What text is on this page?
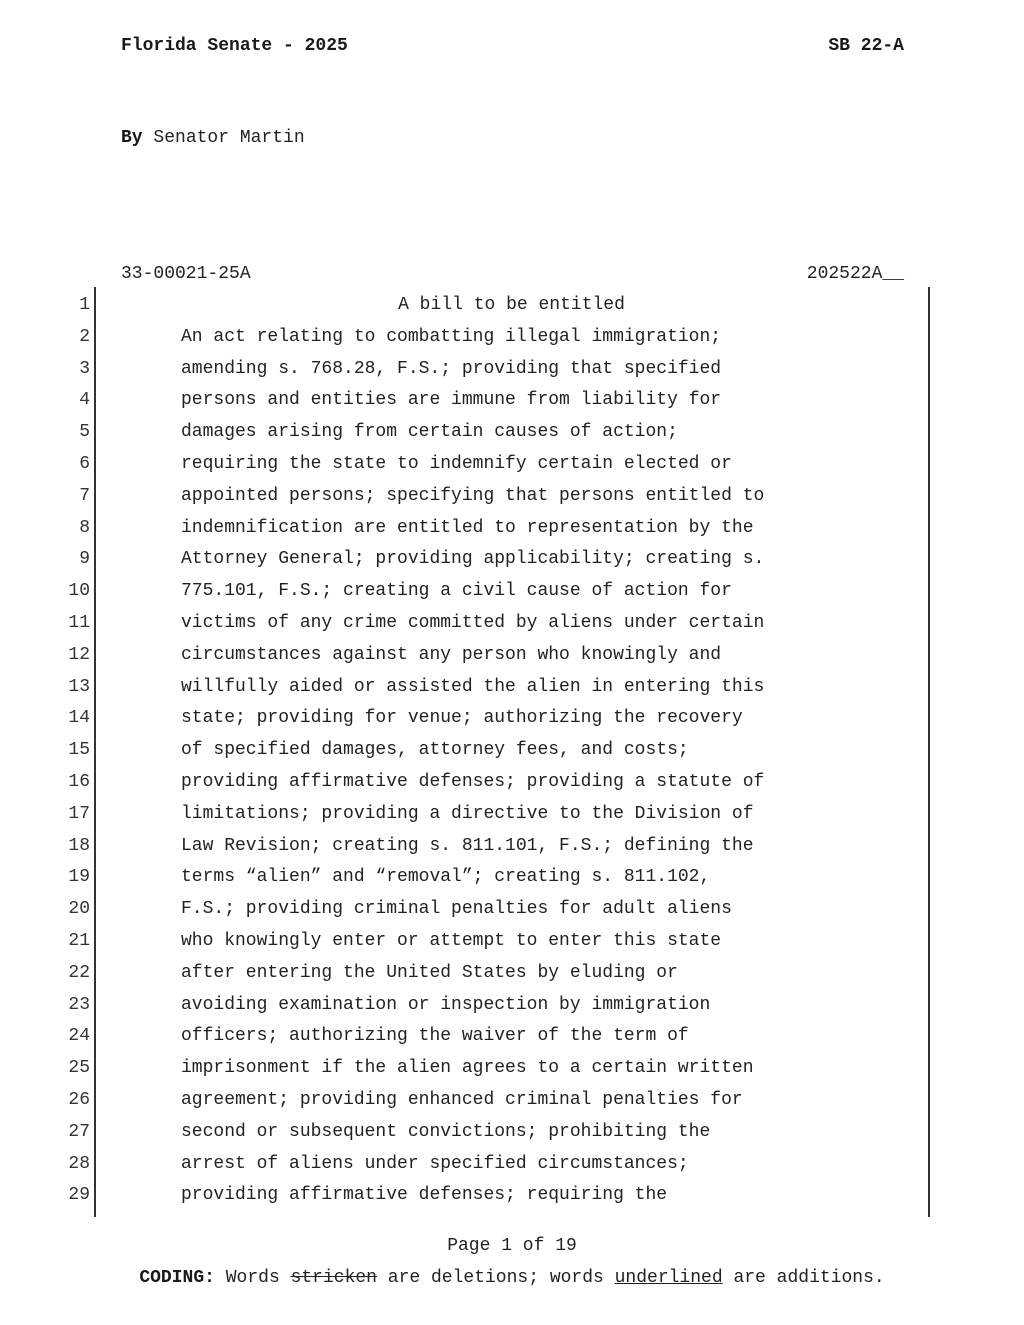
Florida Senate - 2025	SB 22-A
By Senator Martin
33-00021-25A	202522A__
1	A bill to be entitled
2	An act relating to combatting illegal immigration;
3	amending s. 768.28, F.S.; providing that specified
4	persons and entities are immune from liability for
5	damages arising from certain causes of action;
6	requiring the state to indemnify certain elected or
7	appointed persons; specifying that persons entitled to
8	indemnification are entitled to representation by the
9	Attorney General; providing applicability; creating s.
10	775.101, F.S.; creating a civil cause of action for
11	victims of any crime committed by aliens under certain
12	circumstances against any person who knowingly and
13	willfully aided or assisted the alien in entering this
14	state; providing for venue; authorizing the recovery
15	of specified damages, attorney fees, and costs;
16	providing affirmative defenses; providing a statute of
17	limitations; providing a directive to the Division of
18	Law Revision; creating s. 811.101, F.S.; defining the
19	terms “alien” and “removal”; creating s. 811.102,
20	F.S.; providing criminal penalties for adult aliens
21	who knowingly enter or attempt to enter this state
22	after entering the United States by eluding or
23	avoiding examination or inspection by immigration
24	officers; authorizing the waiver of the term of
25	imprisonment if the alien agrees to a certain written
26	agreement; providing enhanced criminal penalties for
27	second or subsequent convictions; prohibiting the
28	arrest of aliens under specified circumstances;
29	providing affirmative defenses; requiring the
Page 1 of 19
CODING: Words stricken are deletions; words underlined are additions.
